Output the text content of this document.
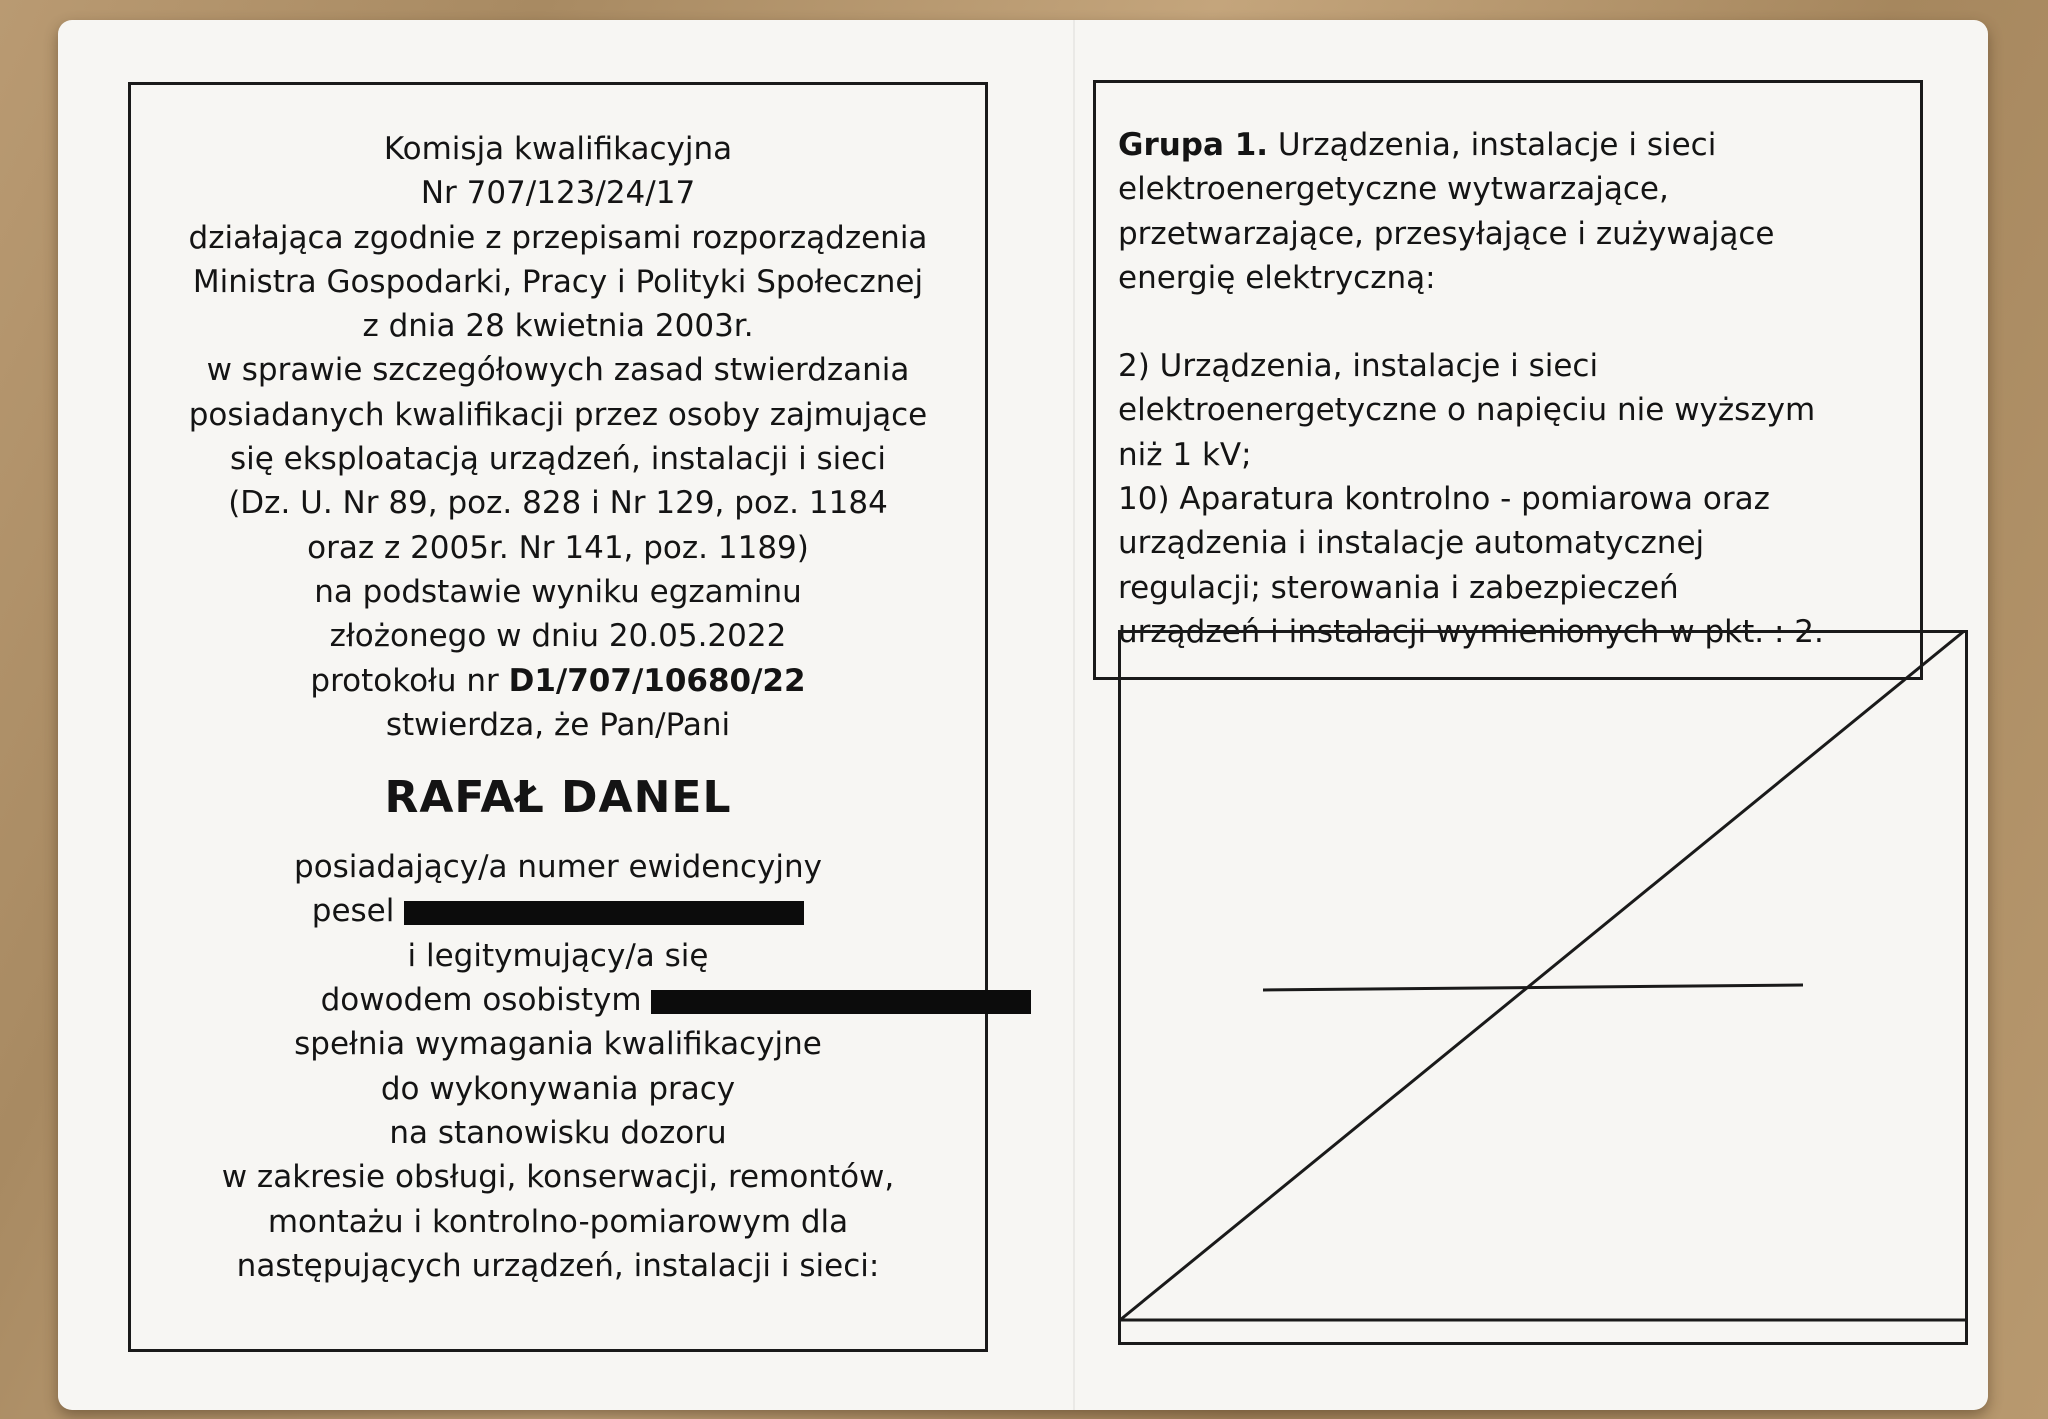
Komisja kwalifikacyjna
Nr 707/123/24/17
działająca zgodnie z przepisami rozporządzenia
Ministra Gospodarki, Pracy i Polityki Społecznej
z dnia 28 kwietnia 2003r.
w sprawie szczegółowych zasad stwierdzania
posiadanych kwalifikacji przez osoby zajmujące
się eksploatacją urządzeń, instalacji i sieci
(Dz. U. Nr 89, poz. 828 i Nr 129, poz. 1184
oraz z 2005r. Nr 141, poz. 1189)
na podstawie wyniku egzaminu
złożonego w dniu 20.05.2022
protokołu nr D1/707/10680/22
stwierdza, że Pan/Pani
RAFAŁ DANEL
posiadający/a numer ewidencyjny
pesel
i legitymujący/a się
dowodem osobistym
spełnia wymagania kwalifikacyjne
do wykonywania pracy
na stanowisku dozoru
w zakresie obsługi, konserwacji, remontów,
montażu i kontrolno-pomiarowym dla
następujących urządzeń, instalacji i sieci:
Grupa 1. Urządzenia, instalacje i sieci
elektroenergetyczne wytwarzające,
przetwarzające, przesyłające i zużywające
energię elektryczną:
2) Urządzenia, instalacje i sieci
elektroenergetyczne o napięciu nie wyższym
niż 1 kV;
10) Aparatura kontrolno - pomiarowa oraz
urządzenia i instalacje automatycznej
regulacji; sterowania i zabezpieczeń
urządzeń i instalacji wymienionych w pkt. : 2.
